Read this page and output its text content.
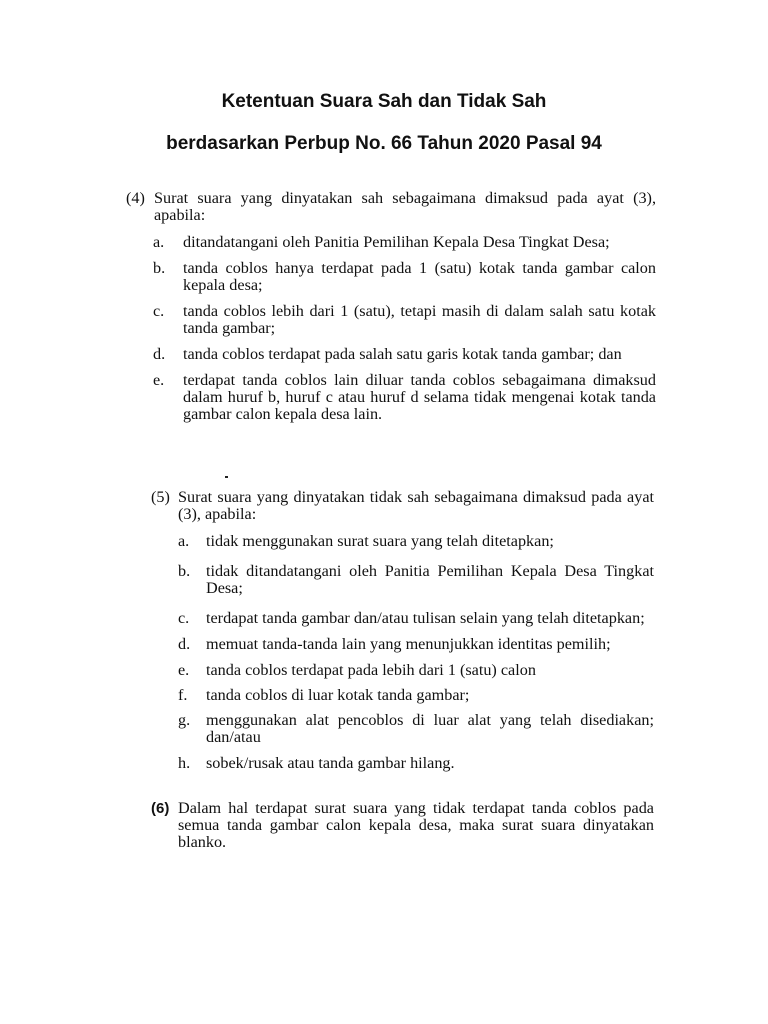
Ketentuan Suara Sah dan Tidak Sah
berdasarkan Perbup No. 66 Tahun 2020 Pasal 94
(4) Surat suara yang dinyatakan sah sebagaimana dimaksud pada ayat (3), apabila:
a.	ditandatangani oleh Panitia Pemilihan Kepala Desa Tingkat Desa;
b.	tanda coblos hanya terdapat pada 1 (satu) kotak tanda gambar calon kepala desa;
c.	tanda coblos lebih dari 1 (satu), tetapi masih di dalam salah satu kotak tanda gambar;
d.	tanda coblos terdapat pada salah satu garis kotak tanda gambar; dan
e.	terdapat tanda coblos lain diluar tanda coblos sebagaimana dimaksud dalam huruf b, huruf c atau huruf d selama tidak mengenai kotak tanda gambar calon kepala desa lain.
(5) Surat suara yang dinyatakan tidak sah sebagaimana dimaksud pada ayat (3), apabila:
a.	tidak menggunakan surat suara yang telah ditetapkan;
b. tidak ditandatangani oleh Panitia Pemilihan Kepala Desa Tingkat Desa;
c.	terdapat tanda gambar dan/atau tulisan selain yang telah ditetapkan;
d. memuat tanda-tanda lain yang menunjukkan identitas pemilih;
e.	tanda coblos terdapat pada lebih dari 1 (satu) calon
f.	tanda coblos di luar kotak tanda gambar;
g. menggunakan alat pencoblos di luar alat yang telah disediakan; dan/atau
h. sobek/rusak atau tanda gambar hilang.
(6) Dalam hal terdapat surat suara yang tidak terdapat tanda coblos pada semua tanda gambar calon kepala desa, maka surat suara dinyatakan blanko.
